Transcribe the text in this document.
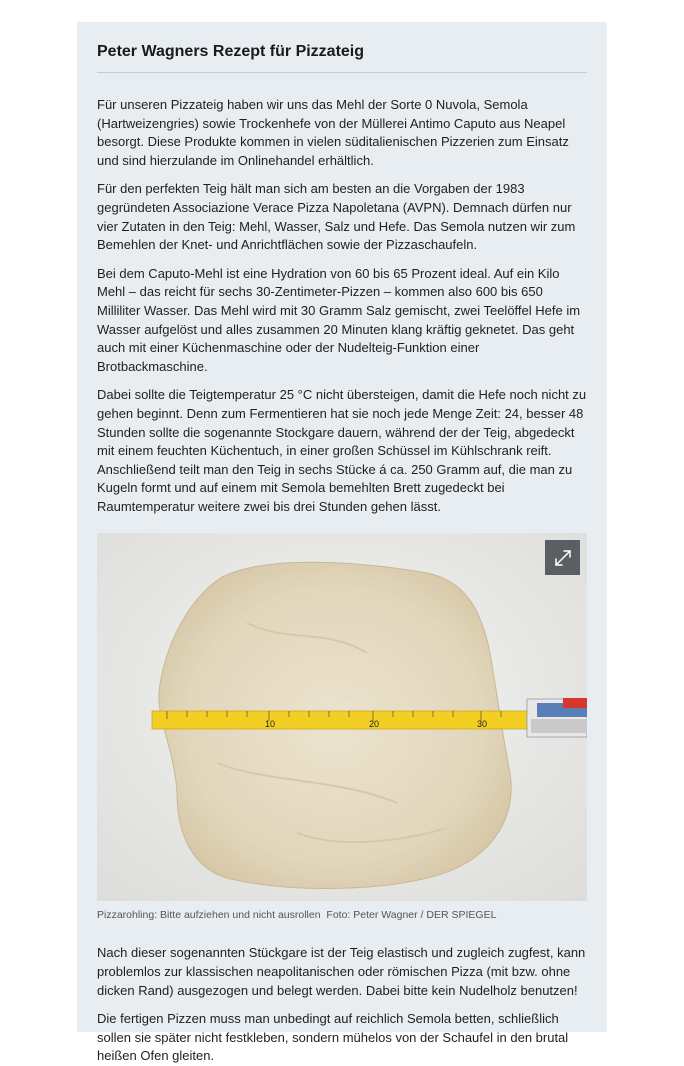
Peter Wagners Rezept für Pizzateig

Für unseren Pizzateig haben wir uns das Mehl der Sorte 0 Nuvola, Semola (Hartweizengries) sowie Trockenhefe von der Müllerei Antimo Caputo aus Neapel besorgt. Diese Produkte kommen in vielen süditalienischen Pizzerien zum Einsatz und sind hierzulande im Onlinehandel erhältlich.

Für den perfekten Teig hält man sich am besten an die Vorgaben der 1983 gegründeten Associazione Verace Pizza Napoletana (AVPN). Demnach dürfen nur vier Zutaten in den Teig: Mehl, Wasser, Salz und Hefe. Das Semola nutzen wir zum Bemehlen der Knet- und Anrichtflächen sowie der Pizzaschaufeln.

Bei dem Caputo-Mehl ist eine Hydration von 60 bis 65 Prozent ideal. Auf ein Kilo Mehl – das reicht für sechs 30-Zentimeter-Pizzen – kommen also 600 bis 650 Milliliter Wasser. Das Mehl wird mit 30 Gramm Salz gemischt, zwei Teelöffel Hefe im Wasser aufgelöst und alles zusammen 20 Minuten klang kräftig geknetet. Das geht auch mit einer Küchenmaschine oder der Nudelteig-Funktion einer Brotbackmaschine.

Dabei sollte die Teigtemperatur 25 °C nicht übersteigen, damit die Hefe noch nicht zu gehen beginnt. Denn zum Fermentieren hat sie noch jede Menge Zeit: 24, besser 48 Stunden sollte die sogenannte Stockgare dauern, während der der Teig, abgedeckt mit einem feuchten Küchentuch, in einer großen Schüssel im Kühlschrank reift. Anschließend teilt man den Teig in sechs Stücke á ca. 250 Gramm auf, die man zu Kugeln formt und auf einem mit Semola bemehlten Brett zugedeckt bei Raumtemperatur weitere zwei bis drei Stunden gehen lässt.

10	20	30
Pizzarohling: Bitte aufziehen und nicht ausrollen Foto: Peter Wagner / DER SPIEGEL

Nach dieser sogenannten Stückgare ist der Teig elastisch und zugleich zugfest, kann problemlos zur klassischen neapolitanischen oder römischen Pizza (mit bzw. ohne dicken Rand) ausgezogen und belegt werden. Dabei bitte kein Nudelholz benutzen!

Die fertigen Pizzen muss man unbedingt auf reichlich Semola betten, schließlich sollen sie später nicht festkleben, sondern mühelos von der Schaufel in den brutal heißen Ofen gleiten.
